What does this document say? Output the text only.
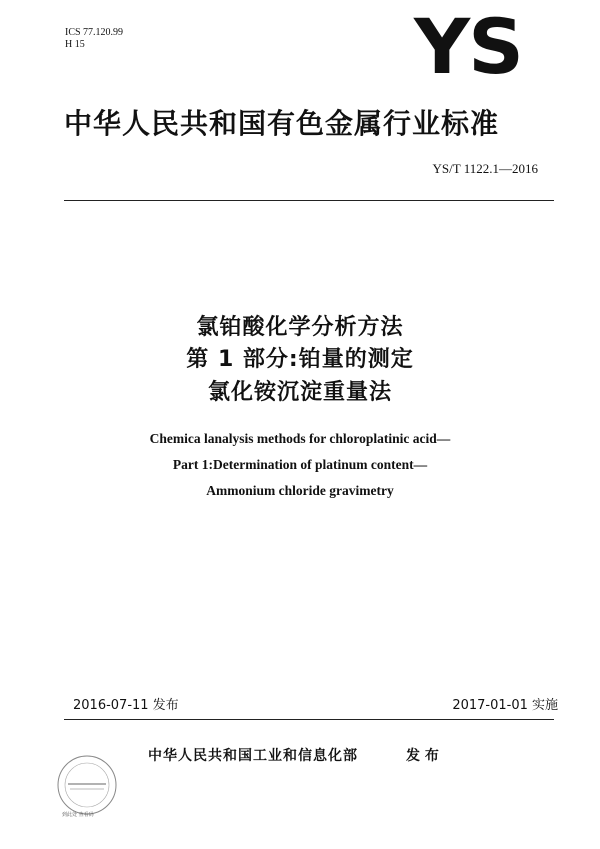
ICS 77.120.99
H 15	YS
中华人民共和国有色金属行业标准
YS/T 1122.1—2016
氯铂酸化学分析方法
第 1 部分:铂量的测定
氯化铵沉淀重量法
Chemica lanalysis methods for chloroplatinic acid—
Part 1:Determination of platinum content—
Ammonium chloride gravimetry
2016-07-11 发布	2017-01-01 实施
到此处 查看码
中华人民共和国工业和信息化部	发 布
